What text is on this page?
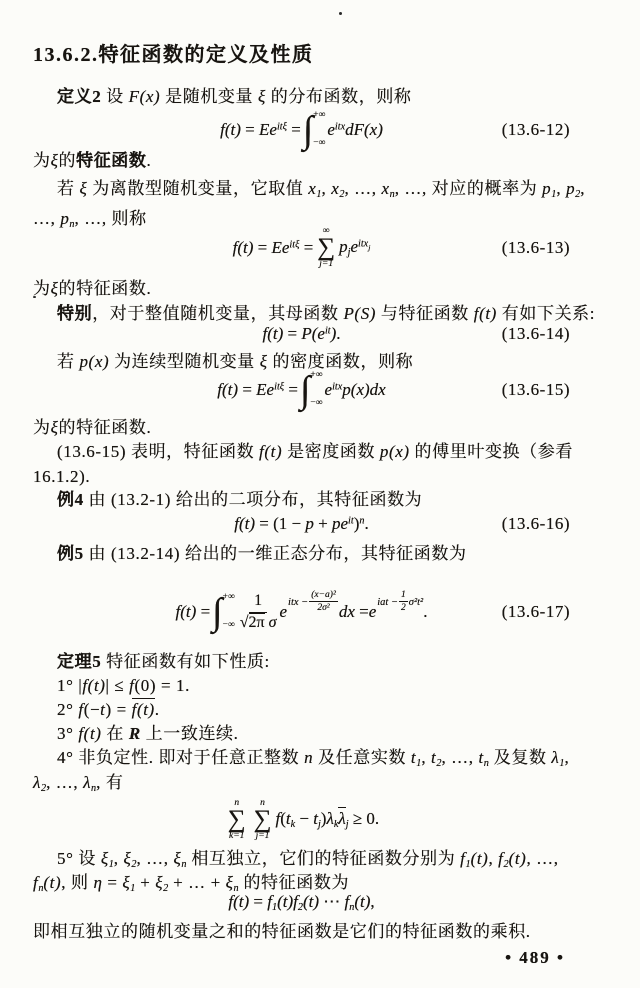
13.6.2.特征函数的定义及性质
定义2 设 F(x) 是随机变量 ξ 的分布函数，则称
$f(t) = Ee^{it\xi}$ = ∫ +∞
−∞
$e^{itx}dF(x)$	(13.6-12)
为ξ的特征函数.
若 ξ 为离散型随机变量，它取值 $x_1$, $x_2$, …, $x_n$, …, 对应的概率为 $p_1$, $p_2$,
…, $p_n$, …, 则称
$f(t) = Ee^{it\xi}$ =
∞
∑
j=1
$p_je^{itx}j$	(13.6-13)
为ξ的特征函数.
特别，对于整值随机变量，其母函数 P(S) 与特征函数 f(t) 有如下关系:
$f(t) = P(e^{it})$.	(13.6-14)
若 p(x) 为连续型随机变量 ξ 的密度函数，则称
$f(t) = Ee^{it\xi}$ = ∫ +∞
−∞
$e^{itx}p(x)dx$	(13.6-15)
为ξ的特征函数.
(13.6-15) 表明，特征函数 f(t) 是密度函数 p(x) 的傅里叶变换（参看
16.1.2).
例4 由 (13.2-1) 给出的二项分布，其特征函数为
$f(t) = (1 - p + pe^{it})^n$.	(13.6-16)
例5 由 (13.2-14) 给出的一维正态分布，其特征函数为
f(t) = ∫ +∞
−∞ $\frac{1}{\text{√2π σ}}$ e itx − $\frac{\text{(x−a)²}}{\text{2σ²}}$ dx = e iat − $\frac{1}{2} \sigma^2t^2$ .	(13.6-17)
定理5 特征函数有如下性质:
1° |f(t)| ≤ f(0) = 1.
2° f(−t) = f(t).
3° f(t) 在 R 上一致连续.
4° 非负定性. 即对于任意正整数 n 及任意实数 $t_1$, $t_2$, …, $t_n$ 及复数 $\lambda_1$,
$\lambda_2$, …, $\lambda_n$, 有
n
∑
k=1
n
∑
j=1
$f(t_k - t_j)\lambda_k\lambda_j \ge 0$.
5° 设 $\xi_1$, $\xi_2$, …, $\xi_n$ 相互独立，它们的特征函数分别为 $f_1(t)$, $f_2(t)$, …,
$f_n(t)$, 则 $\eta = \xi_1 + \xi_2$ + … + $\xi_n$ 的特征函数为
$f(t) = f_1(t)f_2(t)$ ⋯ $f_n(t)$,
即相互独立的随机变量之和的特征函数是它们的特征函数的乘积.
• 489 •
